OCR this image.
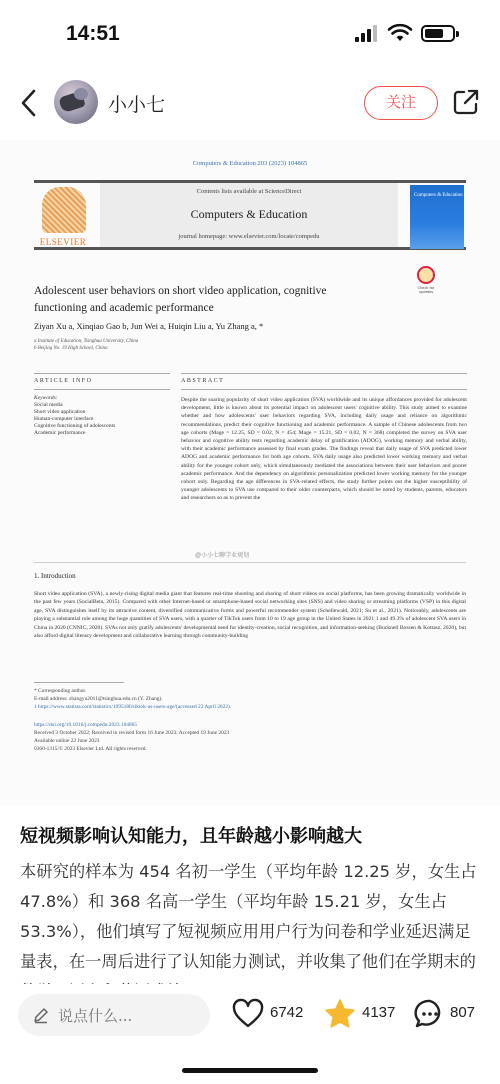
14:51
小小七	关注
Computers & Education 203 (2023) 104865
ELSEVIER
Contents lists available at ScienceDirect
Computers & Education
journal homepage: www.elsevier.com/locate/compedu
Computers & Education
Adolescent user behaviors on short video application, cognitive
functioning and academic performance
Check for updates
Ziyan Xu a, Xinqiao Gao b, Jun Wei a, Huiqin Liu a, Yu Zhang a, *
a Institute of Education, Tsinghua University, China
b Beijing No. 19 High School, China
ARTICLE INFO	ABSTRACT
Keywords:
Social media
Short video application
Human-computer interface
Cognitive functioning of adolescents
Academic performance
Despite the soaring popularity of short video application (SVA) worldwide and its unique affordances provided for adolescent development, little is known about its potential impact on adolescent users' cognitive ability. This study aimed to examine whether and how adolescents' user behaviors regarding SVA, including daily usage and reliance on algorithmic recommendations, predict their cognitive functioning and academic performance. A sample of Chinese adolescents from two age cohorts (Mage = 12.25, SD = 0.02, N = 454; Mage = 15.21, SD = 0.02, N = 368) completed the survey on SVA user behavior and cognitive ability tests regarding academic delay of gratification (ADOG), working memory and verbal ability, with their academic performance assessed by final exam grades. The findings reveal that daily usage of SVA predicted lower ADOG and academic performance for both age cohorts. SVA daily usage also predicted lower working memory and verbal ability for the younger cohort only, which simultaneously mediated the associations between their user behaviors and poorer academic performance. And the dependency on algorithmic personalization predicted lower working memory for the younger cohort only. Regarding the age differences in SVA-related effects, the study further points out the higher susceptibility of younger adolescents to SVA use compared to their older counterparts, which should be noted by students, parents, educators and researchers so as to prevent the
@小小七聊学业规划
1. Introduction
Short video application (SVA), a newly-rising digital media giant that features real-time shooting and sharing of short videos on social platforms, has been growing dramatically worldwide in the past few years (SocialBeta, 2015). Compared with other Internet-based or smartphone-based social networking sites (SNS) and video sharing or streaming platforms (VSP) in this digital age, SVA distinguishes itself by its attractive content, diversified communicative forms and powerful recommender system (Schellewald, 2021; Su et al., 2021). Noticeably, adolescents are playing a substantial role among the huge quantities of SVA users, with a quarter of TikTok users from 10 to 19 age group in the United States in 2021 1 and 49.3% of adolescent SVA users in China in 2020 (CNNIC, 2020). SVAs not only gratify adolescents' developmental need for identity-creation, social recognition, and information-seeking (Bucknell Bossen & Kottasz, 2020), but also afford digital literacy development and collaborative learning through community-building
* Corresponding author.
E-mail address: zhangyu2011@tsinghua.edu.cn (Y. Zhang).
1 https://www.statista.com/statistics/1095186/tiktok-us-users-age/(accessed 22 April 2022).
https://doi.org/10.1016/j.compedu.2023.104865
Received 3 October 2022; Received in revised form 16 June 2023; Accepted 19 June 2023
Available online 22 June 2023
0360-1315/© 2023 Elsevier Ltd. All rights reserved.
短视频影响认知能力，且年龄越小影响越大
本研究的样本为 454 名初一学生（平均年龄 12.25 岁，女生占 47.8%）和 368 名高一学生（平均年龄 15.21 岁，女生占 53.3%），他们填写了短视频应用用户行为问卷和学业延迟满足量表，在一周后进行了认知能力测试，并收集了他们在学期末的
说点什么...	6742	4137	807
